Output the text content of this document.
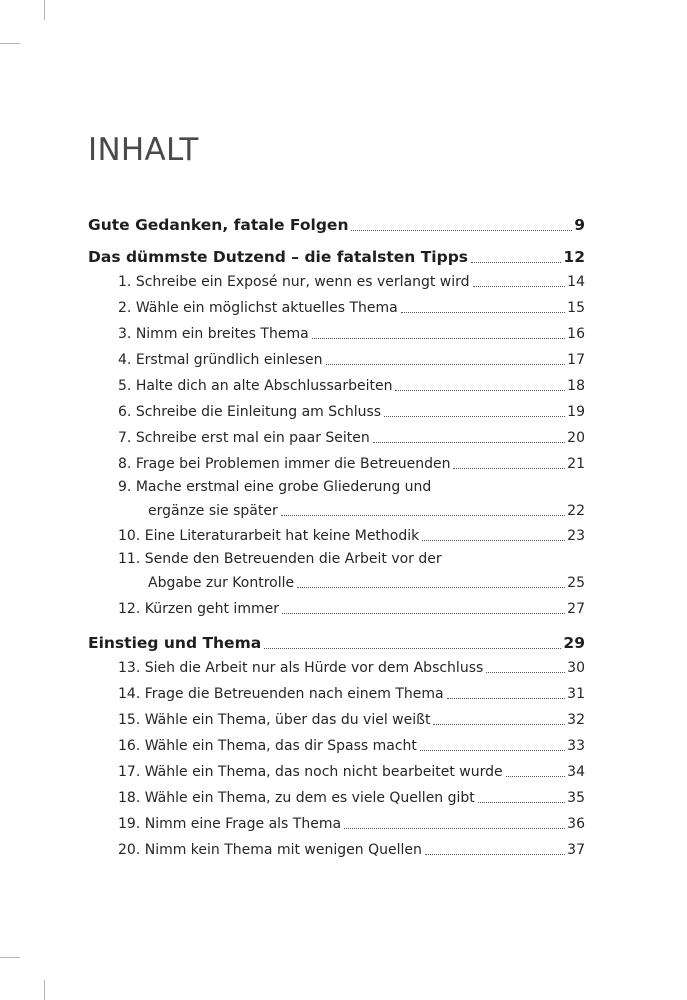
INHALT
Gute Gedanken, fatale Folgen	9
Das dümmste Dutzend – die fatalsten Tipps	12
1. Schreibe ein Exposé nur, wenn es verlangt wird	14
2. Wähle ein möglichst aktuelles Thema	15
3. Nimm ein breites Thema	16
4. Erstmal gründlich einlesen	17
5. Halte dich an alte Abschlussarbeiten	18
6. Schreibe die Einleitung am Schluss	19
7. Schreibe erst mal ein paar Seiten	20
8. Frage bei Problemen immer die Betreuenden	21
9. Mache erstmal eine grobe Gliederung und
ergänze sie später	22
10. Eine Literaturarbeit hat keine Methodik	23
11. Sende den Betreuenden die Arbeit vor der
Abgabe zur Kontrolle	25
12. Kürzen geht immer	27
Einstieg und Thema	29
13. Sieh die Arbeit nur als Hürde vor dem Abschluss	30
14. Frage die Betreuenden nach einem Thema	31
15. Wähle ein Thema, über das du viel weißt	32
16. Wähle ein Thema, das dir Spass macht	33
17. Wähle ein Thema, das noch nicht bearbeitet wurde	34
18. Wähle ein Thema, zu dem es viele Quellen gibt	35
19. Nimm eine Frage als Thema	36
20. Nimm kein Thema mit wenigen Quellen	37
